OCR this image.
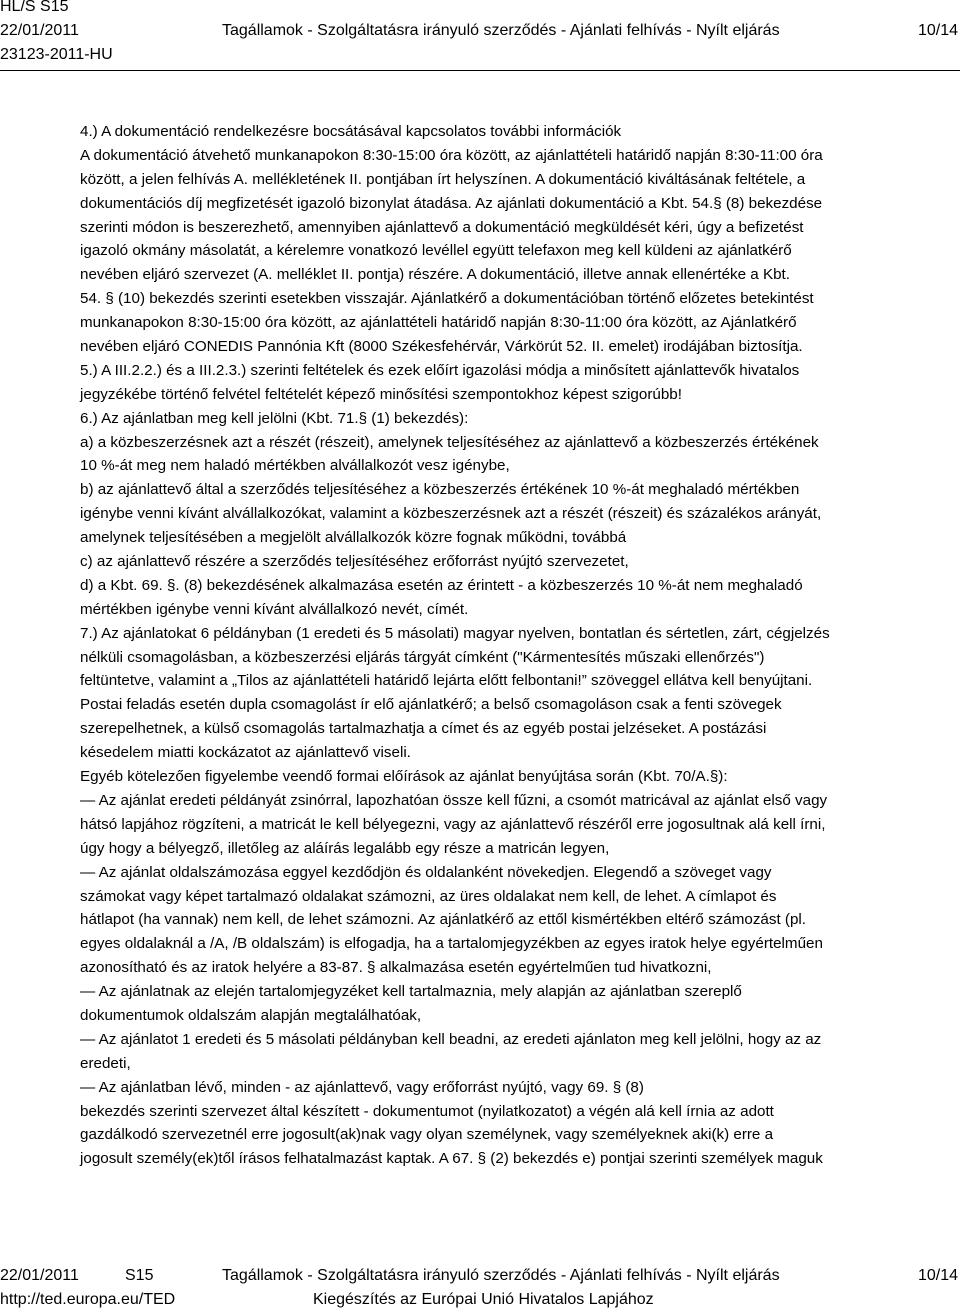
HL/S S15
22/01/2011	Tagállamok - Szolgáltatásra irányuló szerződés - Ajánlati felhívás - Nyílt eljárás	10/14
23123-2011-HU
4.) A dokumentáció rendelkezésre bocsátásával kapcsolatos további információk
A dokumentáció átvehető munkanapokon 8:30-15:00 óra között, az ajánlattételi határidő napján 8:30-11:00 óra
között, a jelen felhívás A. mellékletének II. pontjában írt helyszínen. A dokumentáció kiváltásának feltétele, a
dokumentációs díj megfizetését igazoló bizonylat átadása. Az ajánlati dokumentáció a Kbt. 54.§ (8) bekezdése
szerinti módon is beszerezhető, amennyiben ajánlattevő a dokumentáció megküldését kéri, úgy a befizetést
igazoló okmány másolatát, a kérelemre vonatkozó levéllel együtt telefaxon meg kell küldeni az ajánlatkérő
nevében eljáró szervezet (A. melléklet II. pontja) részére. A dokumentáció, illetve annak ellenértéke a Kbt.
54. § (10) bekezdés szerinti esetekben visszajár. Ajánlatkérő a dokumentációban történő előzetes betekintést
munkanapokon 8:30-15:00 óra között, az ajánlattételi határidő napján 8:30-11:00 óra között, az Ajánlatkérő
nevében eljáró CONEDIS Pannónia Kft (8000 Székesfehérvár, Várkörút 52. II. emelet) irodájában biztosítja.
5.) A III.2.2.) és a III.2.3.) szerinti feltételek és ezek előírt igazolási módja a minősített ajánlattevők hivatalos
jegyzékébe történő felvétel feltételét képező minősítési szempontokhoz képest szigorúbb!
6.) Az ajánlatban meg kell jelölni (Kbt. 71.§ (1) bekezdés):
a) a közbeszerzésnek azt a részét (részeit), amelynek teljesítéséhez az ajánlattevő a közbeszerzés értékének
10 %-át meg nem haladó mértékben alvállalkozót vesz igénybe,
b) az ajánlattevő által a szerződés teljesítéséhez a közbeszerzés értékének 10 %-át meghaladó mértékben
igénybe venni kívánt alvállalkozókat, valamint a közbeszerzésnek azt a részét (részeit) és százalékos arányát,
amelynek teljesítésében a megjelölt alvállalkozók közre fognak működni, továbbá
c) az ajánlattevő részére a szerződés teljesítéséhez erőforrást nyújtó szervezetet,
d) a Kbt. 69. §. (8) bekezdésének alkalmazása esetén az érintett - a közbeszerzés 10 %-át nem meghaladó
mértékben igénybe venni kívánt alvállalkozó nevét, címét.
7.) Az ajánlatokat 6 példányban (1 eredeti és 5 másolati) magyar nyelven, bontatlan és sértetlen, zárt, cégjelzés
nélküli csomagolásban, a közbeszerzési eljárás tárgyát címként ("Kármentesítés műszaki ellenőrzés")
feltüntetve, valamint a „Tilos az ajánlattételi határidő lejárta előtt felbontani!” szöveggel ellátva kell benyújtani.
Postai feladás esetén dupla csomagolást ír elő ajánlatkérő; a belső csomagoláson csak a fenti szövegek
szerepelhetnek, a külső csomagolás tartalmazhatja a címet és az egyéb postai jelzéseket. A postázási
késedelem miatti kockázatot az ajánlattevő viseli.
Egyéb kötelezően figyelembe veendő formai előírások az ajánlat benyújtása során (Kbt. 70/A.§):
— Az ajánlat eredeti példányát zsinórral, lapozhatóan össze kell fűzni, a csomót matricával az ajánlat első vagy
hátsó lapjához rögzíteni, a matricát le kell bélyegezni, vagy az ajánlattevő részéről erre jogosultnak alá kell írni,
úgy hogy a bélyegző, illetőleg az aláírás legalább egy része a matricán legyen,
— Az ajánlat oldalszámozása eggyel kezdődjön és oldalanként növekedjen. Elegendő a szöveget vagy
számokat vagy képet tartalmazó oldalakat számozni, az üres oldalakat nem kell, de lehet. A címlapot és
hátlapot (ha vannak) nem kell, de lehet számozni. Az ajánlatkérő az ettől kismértékben eltérő számozást (pl.
egyes oldalaknál a /A, /B oldalszám) is elfogadja, ha a tartalomjegyzékben az egyes iratok helye egyértelműen
azonosítható és az iratok helyére a 83-87. § alkalmazása esetén egyértelműen tud hivatkozni,
— Az ajánlatnak az elején tartalomjegyzéket kell tartalmaznia, mely alapján az ajánlatban szereplő
dokumentumok oldalszám alapján megtalálhatóak,
— Az ajánlatot 1 eredeti és 5 másolati példányban kell beadni, az eredeti ajánlaton meg kell jelölni, hogy az az
eredeti,
— Az ajánlatban lévő, minden - az ajánlattevő, vagy erőforrást nyújtó, vagy 69. § (8)
bekezdés szerinti szervezet által készített - dokumentumot (nyilatkozatot) a végén alá kell írnia az adott
gazdálkodó szervezetnél erre jogosult(ak)nak vagy olyan személynek, vagy személyeknek aki(k) erre a
jogosult személy(ek)től írásos felhatalmazást kaptak. A 67. § (2) bekezdés e) pontjai szerinti személyek maguk
22/01/2011	S15	Tagállamok - Szolgáltatásra irányuló szerződés - Ajánlati felhívás - Nyílt eljárás	10/14
http://ted.europa.eu/TED	Kiegészítés az Európai Unió Hivatalos Lapjához
